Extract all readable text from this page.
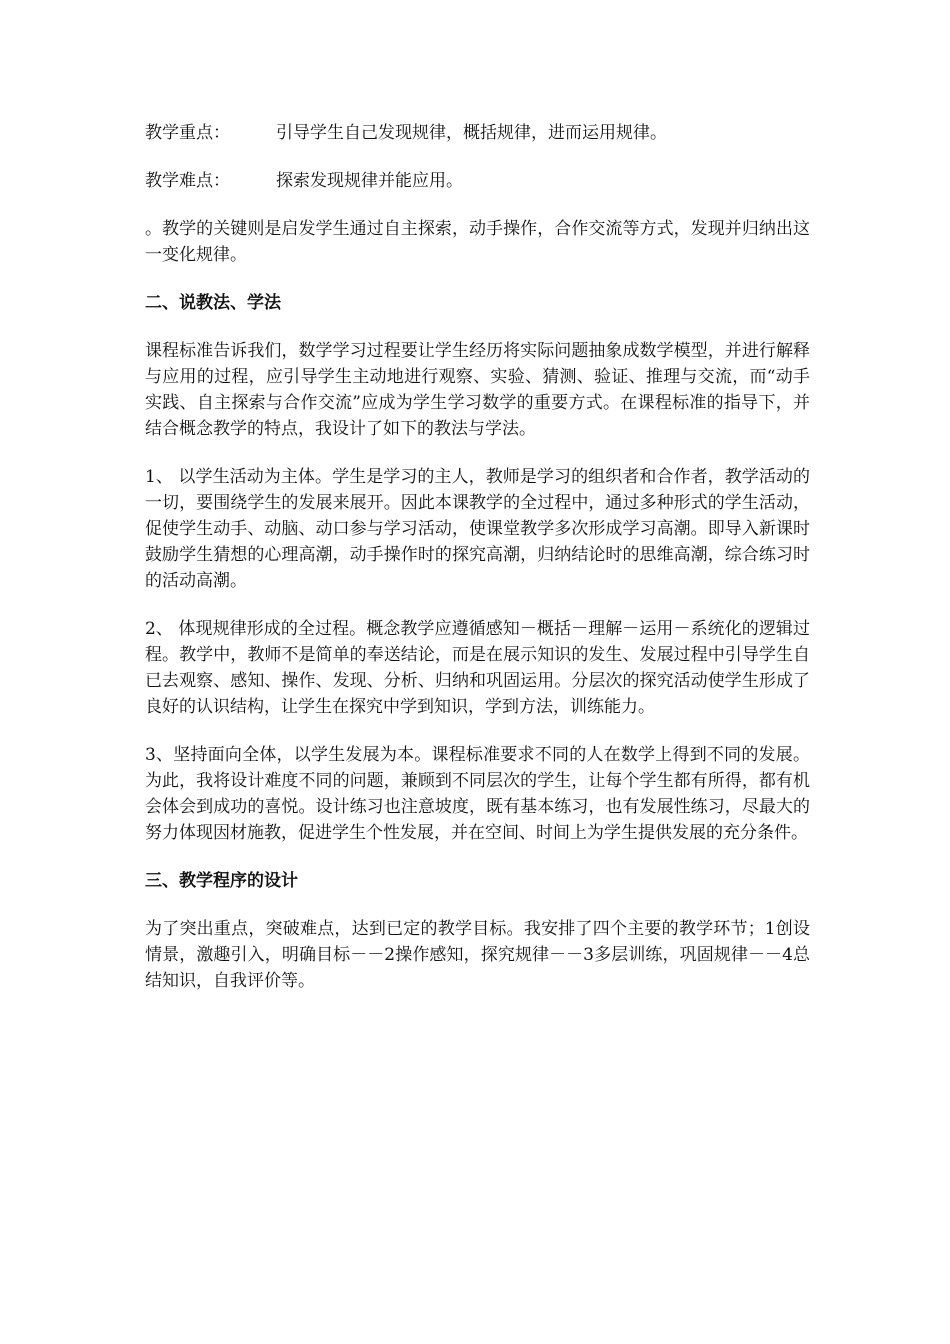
教学重点：	引导学生自己发现规律，概括规律，进而运用规律。

教学难点：	探索发现规律并能应用。

。教学的关键则是启发学生通过自主探索，动手操作，合作交流等方式，发现并归纳出这一变化规律。

二、说教法、学法

课程标准告诉我们，数学学习过程要让学生经历将实际问题抽象成数学模型，并进行解释与应用的过程，应引导学生主动地进行观察、实验、猜测、验证、推理与交流，而“动手实践、自主探索与合作交流”应成为学生学习数学的重要方式。在课程标准的指导下，并结合概念教学的特点，我设计了如下的教法与学法。

1、 以学生活动为主体。学生是学习的主人，教师是学习的组织者和合作者，教学活动的一切，要围绕学生的发展来展开。因此本课教学的全过程中，通过多种形式的学生活动，促使学生动手、动脑、动口参与学习活动，使课堂教学多次形成学习高潮。即导入新课时鼓励学生猜想的心理高潮，动手操作时的探究高潮，归纳结论时的思维高潮，综合练习时的活动高潮。

2、 体现规律形成的全过程。概念教学应遵循感知－概括－理解－运用－系统化的逻辑过程。教学中，教师不是简单的奉送结论，而是在展示知识的发生、发展过程中引导学生自已去观察、感知、操作、发现、分析、归纳和巩固运用。分层次的探究活动使学生形成了良好的认识结构，让学生在探究中学到知识，学到方法，训练能力。

3、坚持面向全体，以学生发展为本。课程标准要求不同的人在数学上得到不同的发展。为此，我将设计难度不同的问题，兼顾到不同层次的学生，让每个学生都有所得，都有机会体会到成功的喜悦。设计练习也注意坡度，既有基本练习，也有发展性练习，尽最大的努力体现因材施教，促进学生个性发展，并在空间、时间上为学生提供发展的充分条件。

三、教学程序的设计

为了突出重点，突破难点，达到已定的教学目标。我安排了四个主要的教学环节；1创设情景，激趣引入，明确目标－－2操作感知，探究规律－－3多层训练，巩固规律－－4总结知识，自我评价等。
